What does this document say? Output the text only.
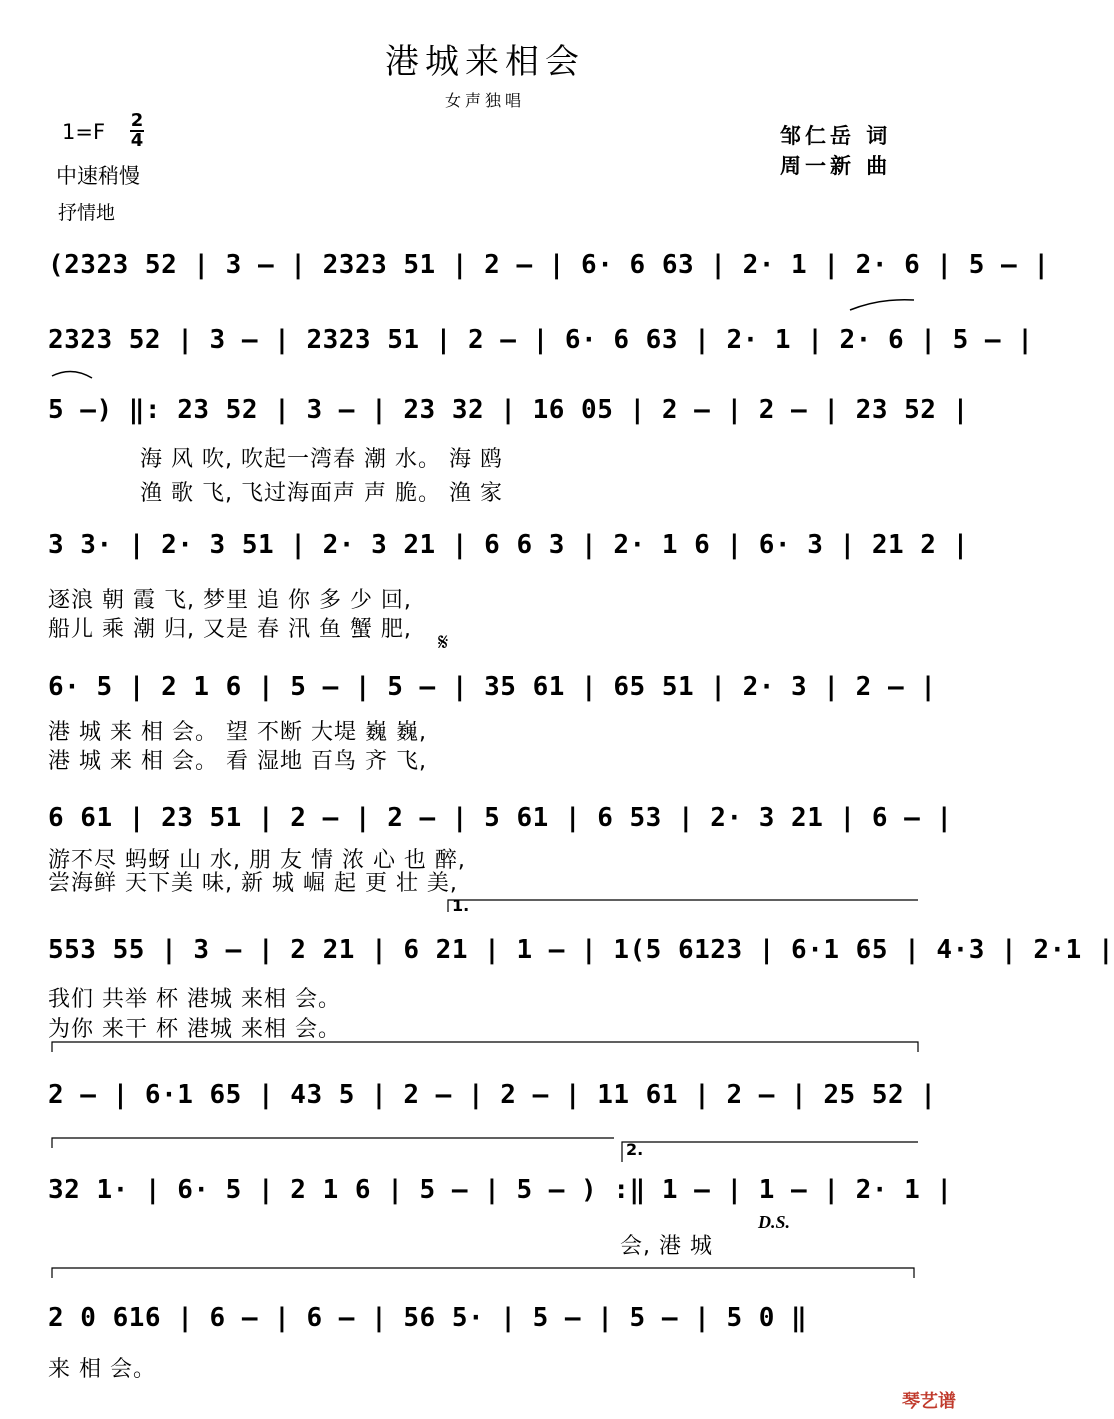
港城来相会
女声独唱
1=F 2
4
中速稍慢
抒情地
邹仁岳 词
周一新 曲
(2323 52 | 3 – | 2323 51 | 2 – | 6· 6 63 | 2· 1 | 2· 6 | 5 – |
2323 52 | 3 – | 2323 51 | 2 – | 6· 6 63 | 2· 1 | 2· 6 | 5 – |
5 –) ‖: 23 52 | 3 – | 23 32 | 16 05 | 2 – | 2 – | 23 52 |
海 风 吹, 吹起一湾春 潮 水。 海 鸥
渔 歌 飞, 飞过海面声 声 脆。 渔 家
3 3· | 2· 3 51 | 2· 3 21 | 6 6 3 | 2· 1 6 | 6· 3 | 21 2 |
逐浪 朝 霞 飞, 梦里 追 你 多 少 回,
船儿 乘 潮 归, 又是 春 汛 鱼 蟹 肥, 𝄋
6· 5 | 2 1 6 | 5 – | 5 – | 35 61 | 65 51 | 2· 3 | 2 – |
港 城 来 相 会。 望 不断 大堤 巍 巍,
港 城 来 相 会。 看 湿地 百鸟 齐 飞,
6 61 | 23 51 | 2 – | 2 – | 5 61 | 6 53 | 2· 3 21 | 6 – |
游不尽 蚂蚜 山 水, 朋 友 情 浓 心 也 醉,
尝海鲜 天下美 味, 新 城 崛 起 更 壮 美,
1.
553 55 | 3 – | 2 21 | 6 21 | 1 – | 1(5 6123 | 6·1 65 | 4·3 | 2·1 |
我们 共举 杯 港城 来相 会。
为你 来干 杯 港城 来相 会。
2 – | 6·1 65 | 43 5 | 2 – | 2 – | 11 61 | 2 – | 25 52 |
2.
32 1· | 6· 5 | 2 1 6 | 5 – | 5 – ) :‖ 1 – | 1 – | 2· 1 |
D.S.
会, 港 城
2 0 616 | 6 – | 6 – | 56 5· | 5 – | 5 – | 5 0 ‖
来 相 会。
琴艺谱
